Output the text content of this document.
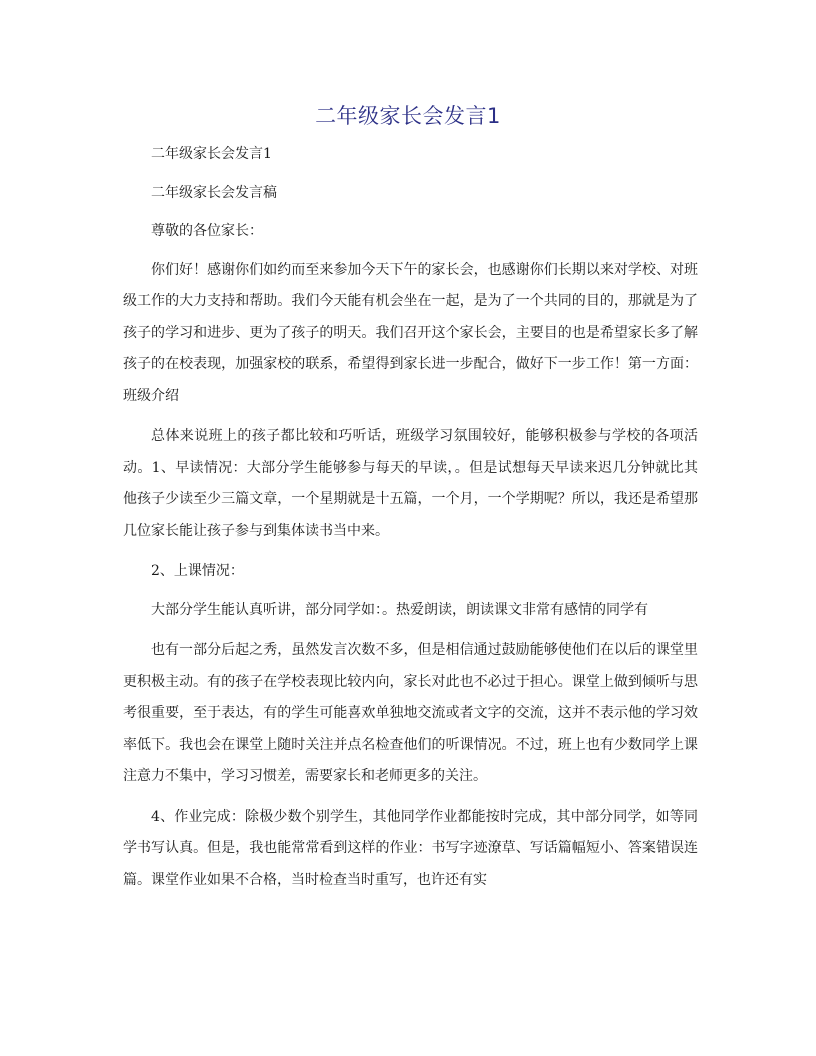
二年级家长会发言1

二年级家长会发言1

二年级家长会发言稿

尊敬的各位家长：

你们好！感谢你们如约而至来参加今天下午的家长会，也感谢你们长期以来对学校、对班级工作的大力支持和帮助。我们今天能有机会坐在一起，是为了一个共同的目的，那就是为了孩子的学习和进步、更为了孩子的明天。我们召开这个家长会，主要目的也是希望家长多了解孩子的在校表现，加强家校的联系，希望得到家长进一步配合，做好下一步工作！第一方面：班级介绍

总体来说班上的孩子都比较和巧听话，班级学习氛围较好，能够积极参与学校的各项活动。1、早读情况：大部分学生能够参与每天的早读，。但是试想每天早读来迟几分钟就比其他孩子少读至少三篇文章，一个星期就是十五篇，一个月，一个学期呢？所以，我还是希望那几位家长能让孩子参与到集体读书当中来。

2、上课情况：

大部分学生能认真听讲，部分同学如：。热爱朗读，朗读课文非常有感情的同学有

也有一部分后起之秀，虽然发言次数不多，但是相信通过鼓励能够使他们在以后的课堂里更积极主动。有的孩子在学校表现比较内向，家长对此也不必过于担心。课堂上做到倾听与思考很重要，至于表达，有的学生可能喜欢单独地交流或者文字的交流，这并不表示他的学习效率低下。我也会在课堂上随时关注并点名检查他们的听课情况。不过，班上也有少数同学上课注意力不集中，学习习惯差，需要家长和老师更多的关注。

4、作业完成：除极少数个别学生，其他同学作业都能按时完成，其中部分同学，如等同学书写认真。但是，我也能常常看到这样的作业：书写字迹潦草、写话篇幅短小、答案错误连篇。课堂作业如果不合格，当时检查当时重写，也许还有实
